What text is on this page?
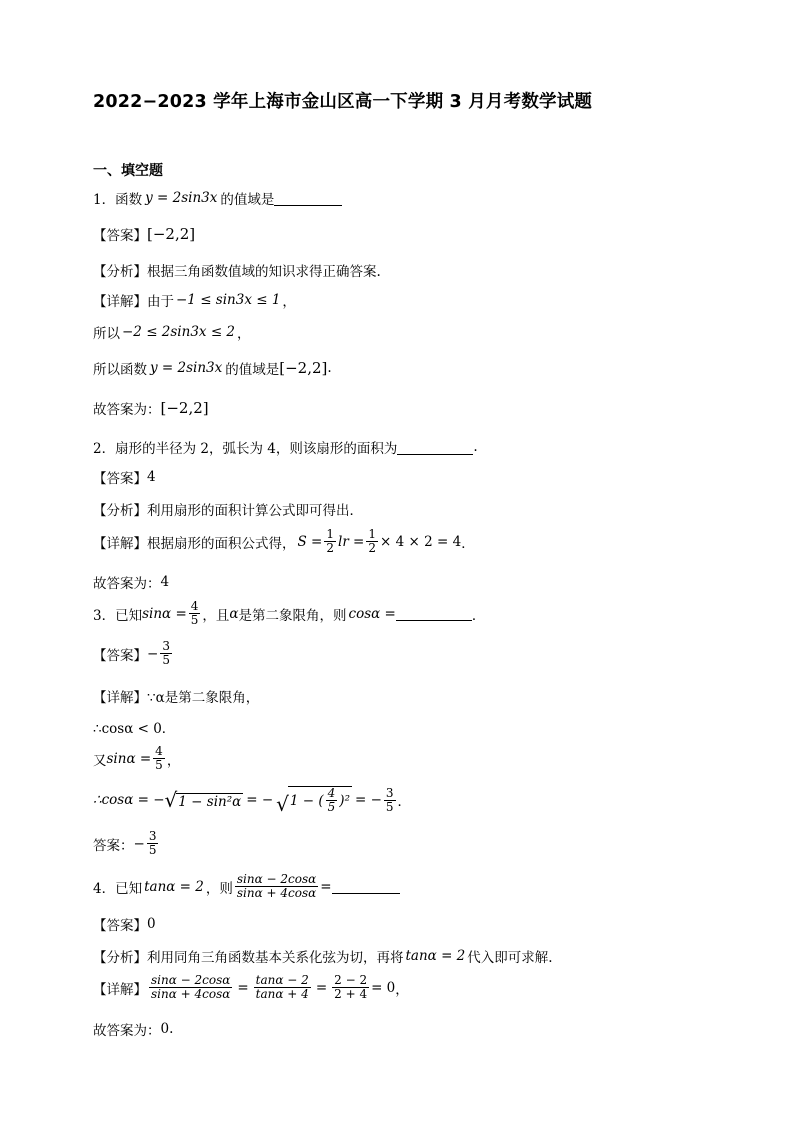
2022−2023 学年上海市金山区高一下学期 3 月月考数学试题
一、填空题
1．函数 y = 2sin3x 的值域是
【答案】 [−2,2]
【分析】 根据三角函数值域的知识求得正确答案.
【详解】 由于 −1 ≤ sin3x ≤ 1 ，
所以 −2 ≤ 2sin3x ≤ 2 ，
所以函数 y = 2sin3x 的值域是 [−2,2] .
故答案为： [−2,2]
2．扇形的半径为 2，弧长为 4，则该扇形的面积为	.
【答案】 4
【分析】 利用扇形的面积计算公式即可得出．
【详解】 根据扇形的面积公式得， $S = \frac{1}{2}$ lr = $\frac{1}{2} \times 4 \times 2 = 4$ ．
故答案为： 4
3．已知 $\sin\alpha = \frac{4}{5}$ ，且 α 是第二象限角，则 cosα =	．
【答案】 − $\frac{3}{5}$
【详解】 ∵α是第二象限角，
∴cosα < 0．
又 $\sin\alpha = \frac{4}{5}$ ，
∴cosα = − √ 1 − sin²α = − √ 1 − ( $\frac{4}{5} )^2$ = − $\frac{3}{5}$ ．
答案： − $\frac{3}{5}$
4．已知 tanα = 2 ，则 $\frac{\sin\alpha - 2\cos\alpha}{\sin\alpha + 4\cos\alpha}$ =
【答案】 0
【分析】 利用同角三角函数基本关系化弦为切，再将 tanα = 2 代入即可求解.
【详解】 $\frac{\sin\alpha - 2\cos\alpha}{\sin\alpha + 4\cos\alpha} = \frac{\tan\alpha - 2}{\tan\alpha + 4} = \frac{2 - 2}{2 + 4} = 0$ ，
故答案为： 0.
